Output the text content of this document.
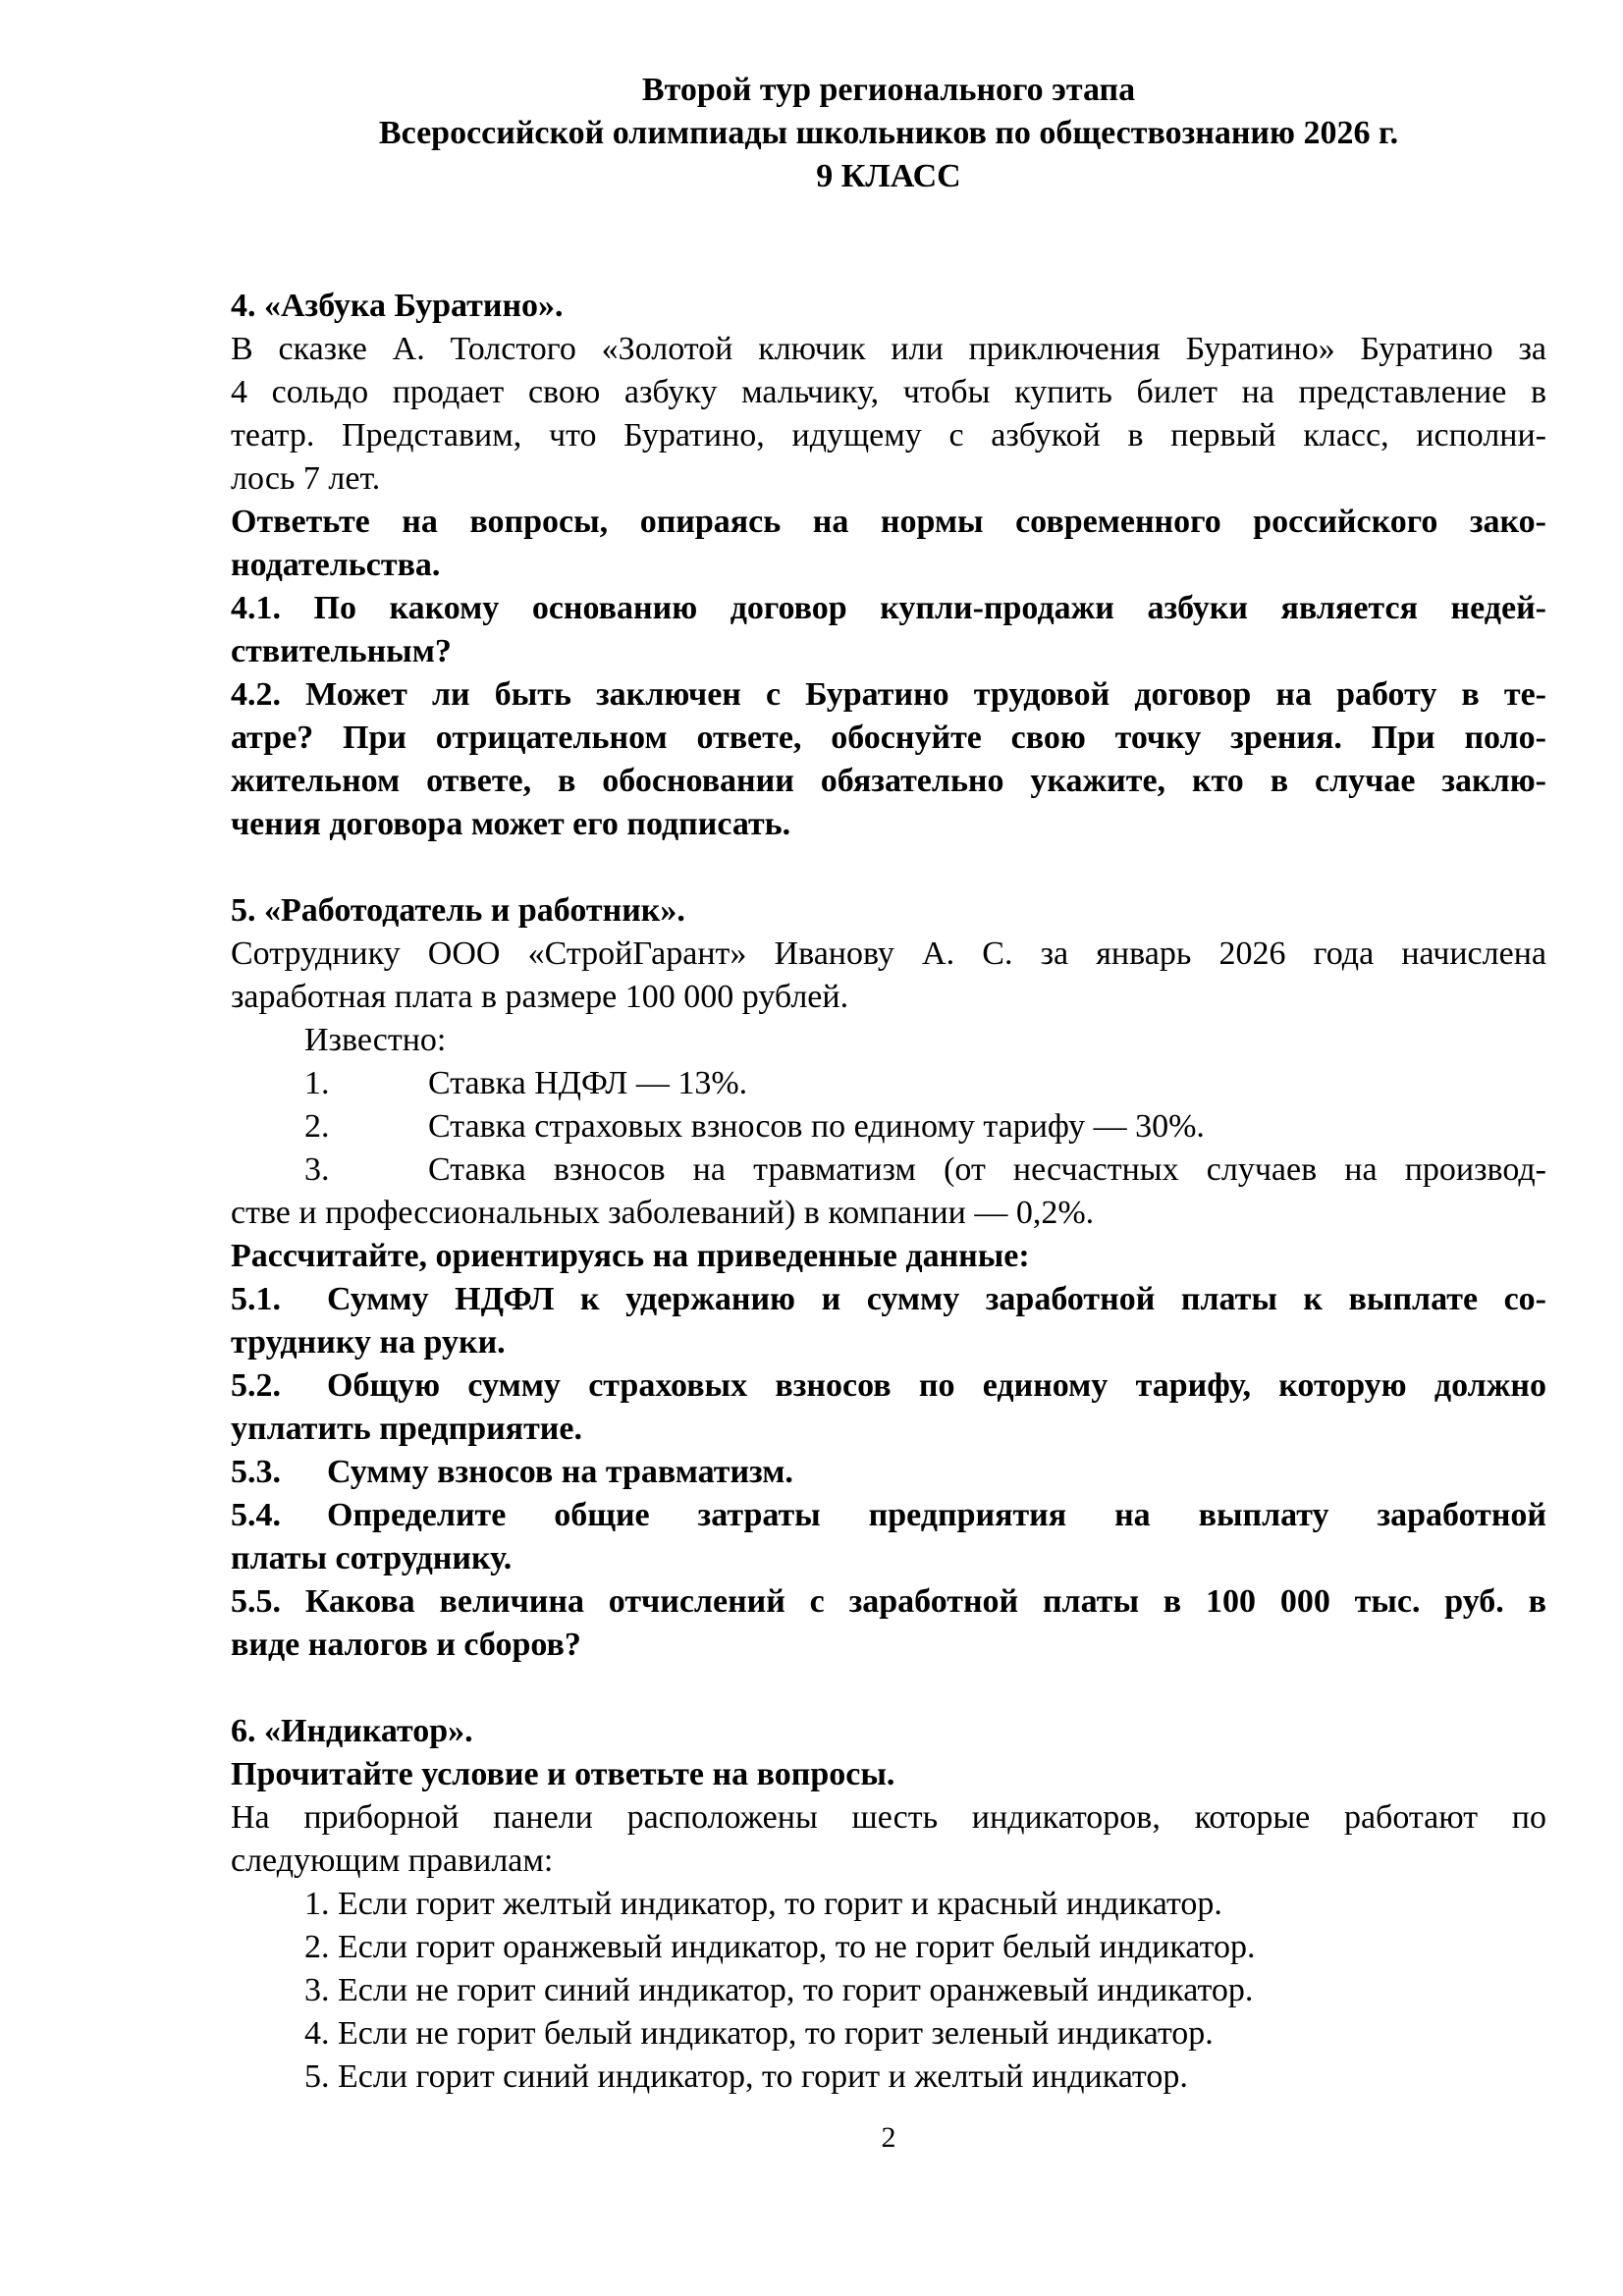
Второй тур регионального этапа
Всероссийской олимпиады школьников по обществознанию 2026 г.
9 КЛАСС
4. «Азбука Буратино».
В сказке А. Толстого «Золотой ключик или приключения Буратино» Буратино за
4 сольдо продает свою азбуку мальчику, чтобы купить билет на представление в
театр. Представим, что Буратино, идущему с азбукой в первый класс, исполни-
лось 7 лет.
Ответьте на вопросы, опираясь на нормы современного российского зако-
нодательства.
4.1. По какому основанию договор купли-продажи азбуки является недей-
ствительным?
4.2. Может ли быть заключен с Буратино трудовой договор на работу в те-
атре? При отрицательном ответе, обоснуйте свою точку зрения. При поло-
жительном ответе, в обосновании обязательно укажите, кто в случае заклю-
чения договора может его подписать.
5. «Работодатель и работник».
Сотруднику ООО «СтройГарант» Иванову А. С. за январь 2026 года начислена
заработная плата в размере 100 000 рублей.
Известно:
1.	Ставка НДФЛ — 13%.
2.	Ставка страховых взносов по единому тарифу — 30%.
3.	Ставка взносов на травматизм (от несчастных случаев на производ-
стве и профессиональных заболеваний) в компании — 0,2%.
Рассчитайте, ориентируясь на приведенные данные:
5.1. Сумму НДФЛ к удержанию и сумму заработной платы к выплате со-
труднику на руки.
5.2. Общую сумму страховых взносов по единому тарифу, которую должно
уплатить предприятие.
5.3. Сумму взносов на травматизм.
5.4. Определите общие затраты предприятия на выплату заработной
платы сотруднику.
5.5. Какова величина отчислений с заработной платы в 100 000 тыс. руб. в
виде налогов и сборов?
6. «Индикатор».
Прочитайте условие и ответьте на вопросы.
На приборной панели расположены шесть индикаторов, которые работают по
следующим правилам:
1. Если горит желтый индикатор, то горит и красный индикатор.
2. Если горит оранжевый индикатор, то не горит белый индикатор.
3. Если не горит синий индикатор, то горит оранжевый индикатор.
4. Если не горит белый индикатор, то горит зеленый индикатор.
5. Если горит синий индикатор, то горит и желтый индикатор.
2
